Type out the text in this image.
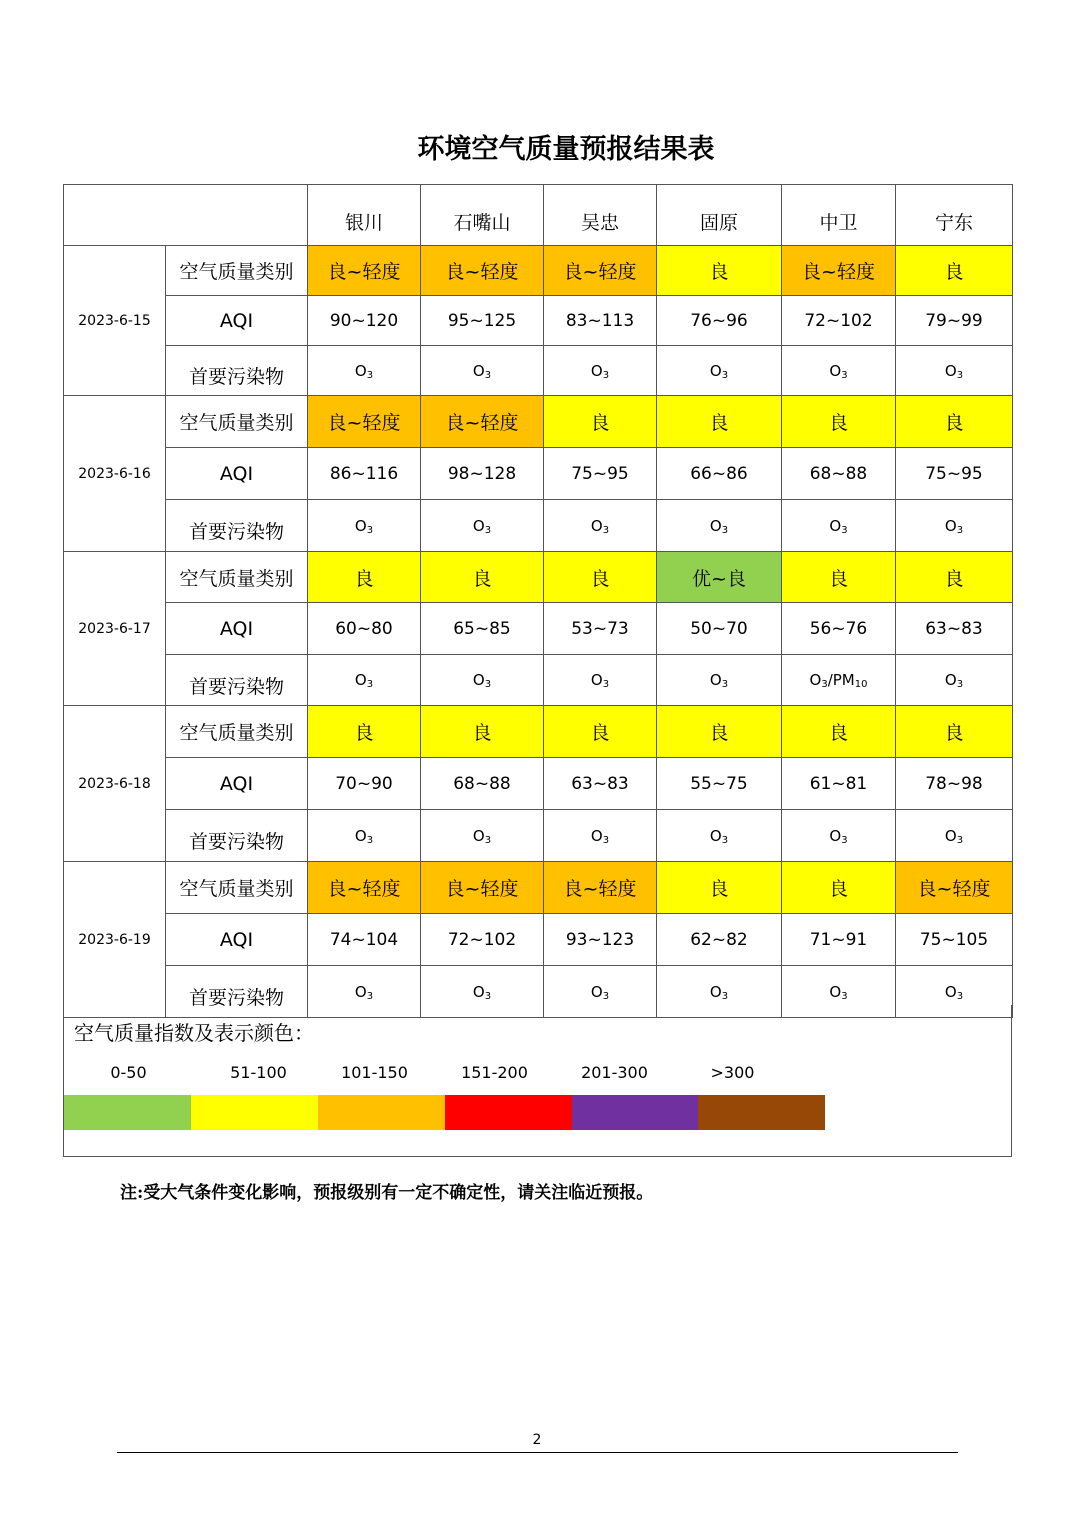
环境空气质量预报结果表
		银川	石嘴山	吴忠	固原	中卫	宁东
2023-6-15	空气质量类别	良~轻度	良~轻度	良~轻度	良	良~轻度	良
	AQI	90~120	95~125	83~113	76~96	72~102	79~99
	首要污染物	$O_3$	$O_3$	$O_3$	$O_3$	$O_3$	$O_3$
2023-6-16	空气质量类别	良~轻度	良~轻度	良	良	良	良
	AQI	86~116	98~128	75~95	66~86	68~88	75~95
	首要污染物	$O_3$	$O_3$	$O_3$	$O_3$	$O_3$	$O_3$
2023-6-17	空气质量类别	良	良	良	优~良	良	良
	AQI	60~80	65~85	53~73	50~70	56~76	63~83
	首要污染物	$O_3$	$O_3$	$O_3$	$O_3$	$O_3/PM_{10}$	$O_3$
2023-6-18	空气质量类别	良	良	良	良	良	良
	AQI	70~90	68~88	63~83	55~75	61~81	78~98
	首要污染物	$O_3$	$O_3$	$O_3$	$O_3$	$O_3$	$O_3$
2023-6-19	空气质量类别	良~轻度	良~轻度	良~轻度	良	良	良~轻度
	AQI	74~104	72~102	93~123	62~82	71~91	75~105
	首要污染物	$O_3$	$O_3$	$O_3$	$O_3$	$O_3$	$O_3$
空气质量指数及表示颜色：
0-50	51-100	101-150	151-200	201-300	>300
注:受大气条件变化影响，预报级别有一定不确定性，请关注临近预报。
2
